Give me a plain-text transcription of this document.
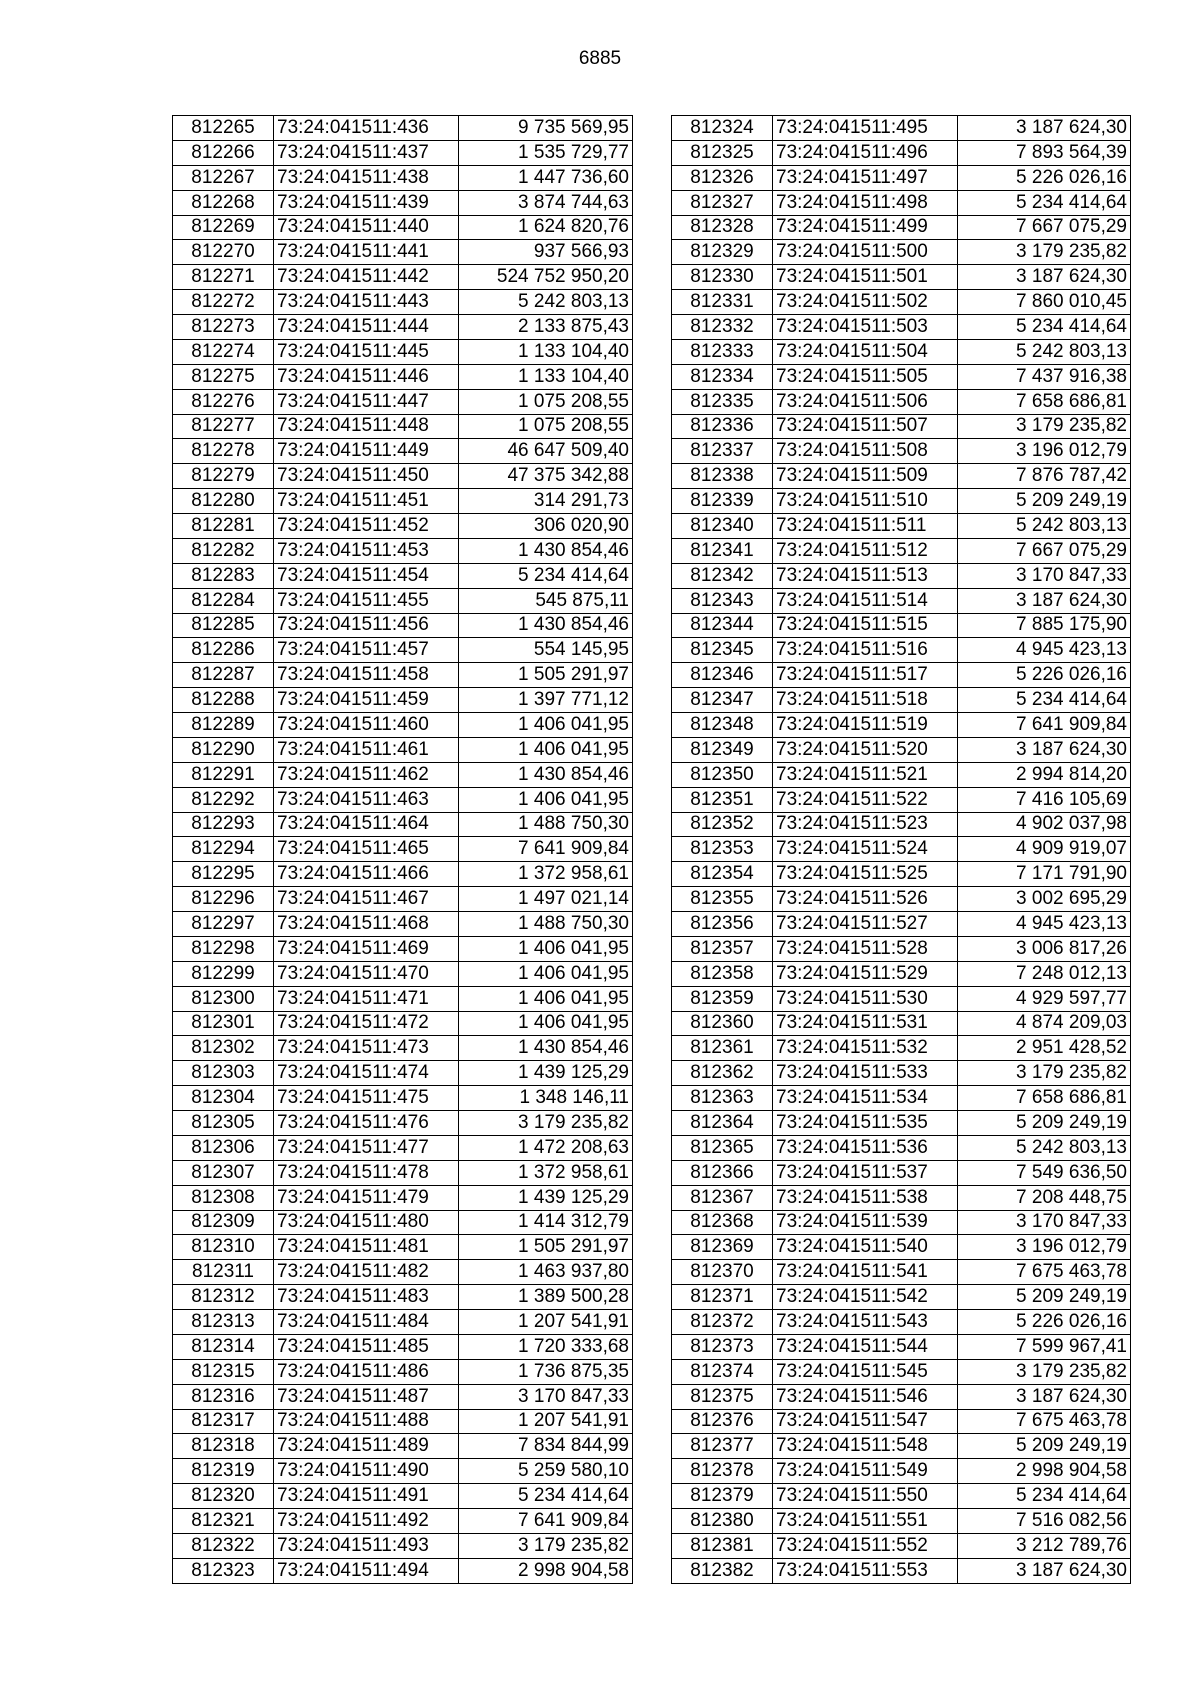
6885
812265	73:24:041511:436	9 735 569,95
812266	73:24:041511:437	1 535 729,77
812267	73:24:041511:438	1 447 736,60
812268	73:24:041511:439	3 874 744,63
812269	73:24:041511:440	1 624 820,76
812270	73:24:041511:441	937 566,93
812271	73:24:041511:442	524 752 950,20
812272	73:24:041511:443	5 242 803,13
812273	73:24:041511:444	2 133 875,43
812274	73:24:041511:445	1 133 104,40
812275	73:24:041511:446	1 133 104,40
812276	73:24:041511:447	1 075 208,55
812277	73:24:041511:448	1 075 208,55
812278	73:24:041511:449	46 647 509,40
812279	73:24:041511:450	47 375 342,88
812280	73:24:041511:451	314 291,73
812281	73:24:041511:452	306 020,90
812282	73:24:041511:453	1 430 854,46
812283	73:24:041511:454	5 234 414,64
812284	73:24:041511:455	545 875,11
812285	73:24:041511:456	1 430 854,46
812286	73:24:041511:457	554 145,95
812287	73:24:041511:458	1 505 291,97
812288	73:24:041511:459	1 397 771,12
812289	73:24:041511:460	1 406 041,95
812290	73:24:041511:461	1 406 041,95
812291	73:24:041511:462	1 430 854,46
812292	73:24:041511:463	1 406 041,95
812293	73:24:041511:464	1 488 750,30
812294	73:24:041511:465	7 641 909,84
812295	73:24:041511:466	1 372 958,61
812296	73:24:041511:467	1 497 021,14
812297	73:24:041511:468	1 488 750,30
812298	73:24:041511:469	1 406 041,95
812299	73:24:041511:470	1 406 041,95
812300	73:24:041511:471	1 406 041,95
812301	73:24:041511:472	1 406 041,95
812302	73:24:041511:473	1 430 854,46
812303	73:24:041511:474	1 439 125,29
812304	73:24:041511:475	1 348 146,11
812305	73:24:041511:476	3 179 235,82
812306	73:24:041511:477	1 472 208,63
812307	73:24:041511:478	1 372 958,61
812308	73:24:041511:479	1 439 125,29
812309	73:24:041511:480	1 414 312,79
812310	73:24:041511:481	1 505 291,97
812311	73:24:041511:482	1 463 937,80
812312	73:24:041511:483	1 389 500,28
812313	73:24:041511:484	1 207 541,91
812314	73:24:041511:485	1 720 333,68
812315	73:24:041511:486	1 736 875,35
812316	73:24:041511:487	3 170 847,33
812317	73:24:041511:488	1 207 541,91
812318	73:24:041511:489	7 834 844,99
812319	73:24:041511:490	5 259 580,10
812320	73:24:041511:491	5 234 414,64
812321	73:24:041511:492	7 641 909,84
812322	73:24:041511:493	3 179 235,82
812323	73:24:041511:494	2 998 904,58
812324	73:24:041511:495	3 187 624,30
812325	73:24:041511:496	7 893 564,39
812326	73:24:041511:497	5 226 026,16
812327	73:24:041511:498	5 234 414,64
812328	73:24:041511:499	7 667 075,29
812329	73:24:041511:500	3 179 235,82
812330	73:24:041511:501	3 187 624,30
812331	73:24:041511:502	7 860 010,45
812332	73:24:041511:503	5 234 414,64
812333	73:24:041511:504	5 242 803,13
812334	73:24:041511:505	7 437 916,38
812335	73:24:041511:506	7 658 686,81
812336	73:24:041511:507	3 179 235,82
812337	73:24:041511:508	3 196 012,79
812338	73:24:041511:509	7 876 787,42
812339	73:24:041511:510	5 209 249,19
812340	73:24:041511:511	5 242 803,13
812341	73:24:041511:512	7 667 075,29
812342	73:24:041511:513	3 170 847,33
812343	73:24:041511:514	3 187 624,30
812344	73:24:041511:515	7 885 175,90
812345	73:24:041511:516	4 945 423,13
812346	73:24:041511:517	5 226 026,16
812347	73:24:041511:518	5 234 414,64
812348	73:24:041511:519	7 641 909,84
812349	73:24:041511:520	3 187 624,30
812350	73:24:041511:521	2 994 814,20
812351	73:24:041511:522	7 416 105,69
812352	73:24:041511:523	4 902 037,98
812353	73:24:041511:524	4 909 919,07
812354	73:24:041511:525	7 171 791,90
812355	73:24:041511:526	3 002 695,29
812356	73:24:041511:527	4 945 423,13
812357	73:24:041511:528	3 006 817,26
812358	73:24:041511:529	7 248 012,13
812359	73:24:041511:530	4 929 597,77
812360	73:24:041511:531	4 874 209,03
812361	73:24:041511:532	2 951 428,52
812362	73:24:041511:533	3 179 235,82
812363	73:24:041511:534	7 658 686,81
812364	73:24:041511:535	5 209 249,19
812365	73:24:041511:536	5 242 803,13
812366	73:24:041511:537	7 549 636,50
812367	73:24:041511:538	7 208 448,75
812368	73:24:041511:539	3 170 847,33
812369	73:24:041511:540	3 196 012,79
812370	73:24:041511:541	7 675 463,78
812371	73:24:041511:542	5 209 249,19
812372	73:24:041511:543	5 226 026,16
812373	73:24:041511:544	7 599 967,41
812374	73:24:041511:545	3 179 235,82
812375	73:24:041511:546	3 187 624,30
812376	73:24:041511:547	7 675 463,78
812377	73:24:041511:548	5 209 249,19
812378	73:24:041511:549	2 998 904,58
812379	73:24:041511:550	5 234 414,64
812380	73:24:041511:551	7 516 082,56
812381	73:24:041511:552	3 212 789,76
812382	73:24:041511:553	3 187 624,30
